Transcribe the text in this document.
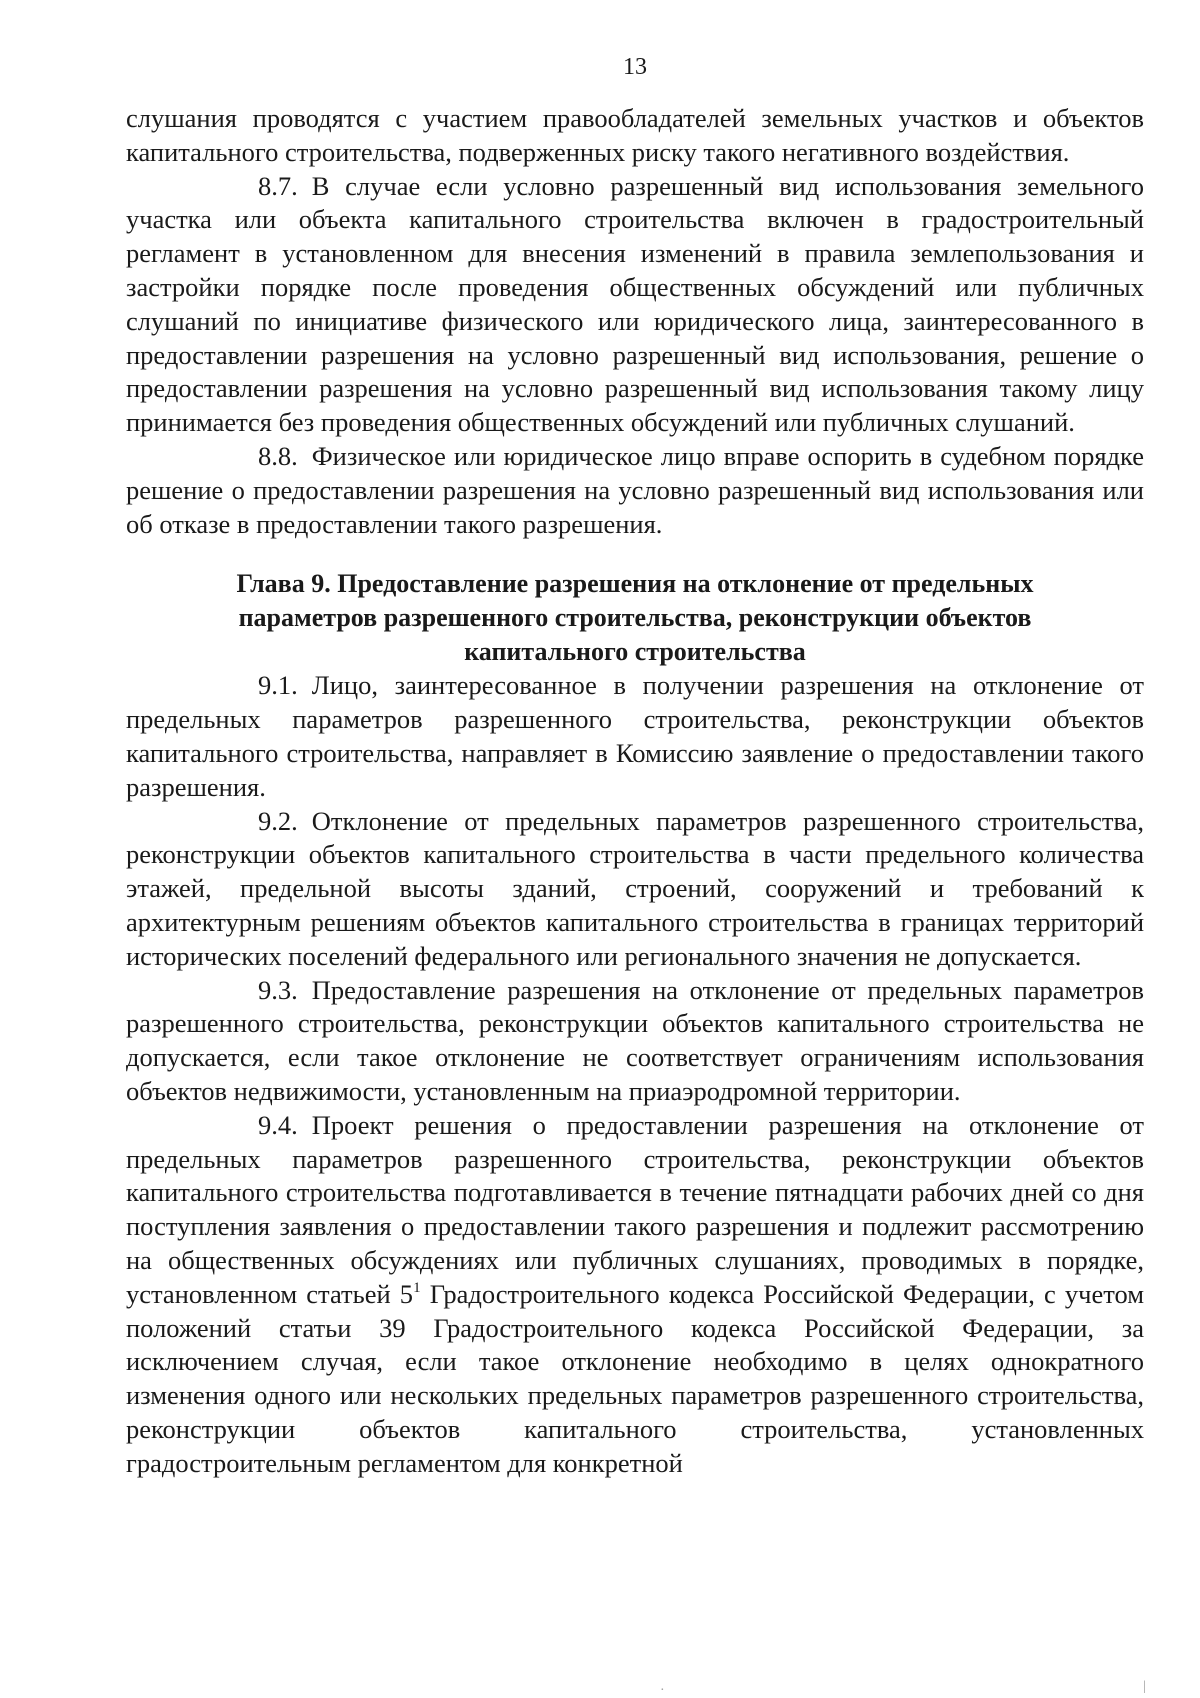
13

слушания проводятся с участием правообладателей земельных участков и объектов капитального строительства, подверженных риску такого негативного воздействия.

8.7. В случае если условно разрешенный вид использования земельного участка или объекта капитального строительства включен в градостроительный регламент в установленном для внесения изменений в правила землепользования и застройки порядке после проведения общественных обсуждений или публичных слушаний по инициативе физического или юридического лица, заинтересованного в предоставлении разрешения на условно разрешенный вид использования, решение о предоставлении разрешения на условно разрешенный вид использования такому лицу принимается без проведения общественных обсуждений или публичных слушаний.

8.8. Физическое или юридическое лицо вправе оспорить в судебном порядке решение о предоставлении разрешения на условно разрешенный вид использования или об отказе в предоставлении такого разрешения.

Глава 9. Предоставление разрешения на отклонение от предельных
параметров разрешенного строительства, реконструкции объектов
капитального строительства

9.1. Лицо, заинтересованное в получении разрешения на отклонение от предельных параметров разрешенного строительства, реконструкции объектов капитального строительства, направляет в Комиссию заявление о предоставлении такого разрешения.

9.2. Отклонение от предельных параметров разрешенного строительства, реконструкции объектов капитального строительства в части предельного количества этажей, предельной высоты зданий, строений, сооружений и требований к архитектурным решениям объектов капитального строительства в границах территорий исторических поселений федерального или регионального значения не допускается.

9.3. Предоставление разрешения на отклонение от предельных параметров разрешенного строительства, реконструкции объектов капитального строительства не допускается, если такое отклонение не соответствует ограничениям использования объектов недвижимости, установленным на приаэродромной территории.

9.4. Проект решения о предоставлении разрешения на отклонение от предельных параметров разрешенного строительства, реконструкции объектов капитального строительства подготавливается в течение пятнадцати рабочих дней со дня поступления заявления о предоставлении такого разрешения и подлежит рассмотрению на общественных обсуждениях или публичных слушаниях, проводимых в порядке, установленном статьей $5^1$ Градостроительного кодекса Российской Федерации, с учетом положений статьи 39 Градостроительного кодекса Российской Федерации, за исключением случая, если такое отклонение необходимо в целях однократного изменения одного или нескольких предельных параметров разрешенного строительства, реконструкции объектов капитального строительства, установленных градостроительным регламентом для конкретной

·	|
